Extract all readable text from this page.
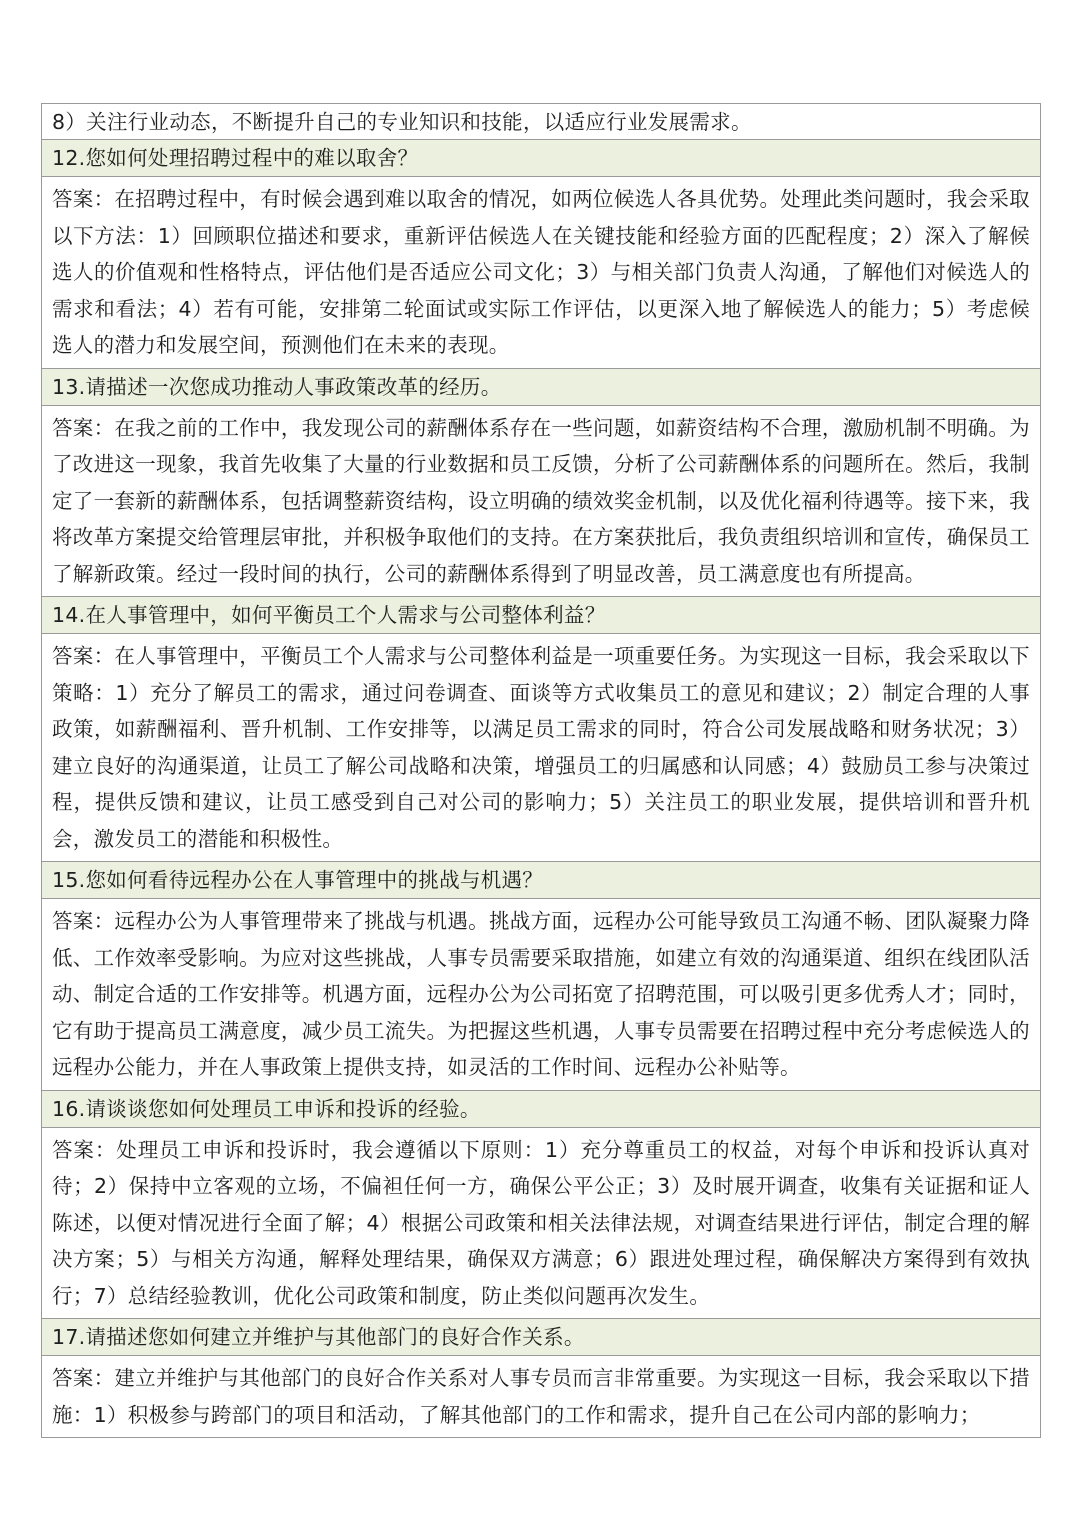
8）关注行业动态，不断提升自己的专业知识和技能，以适应行业发展需求。
12.您如何处理招聘过程中的难以取舍？
答案：在招聘过程中，有时候会遇到难以取舍的情况，如两位候选人各具优势。处理此类问题时，我会采取以下方法：1）回顾职位描述和要求，重新评估候选人在关键技能和经验方面的匹配程度；2）深入了解候选人的价值观和性格特点，评估他们是否适应公司文化；3）与相关部门负责人沟通，了解他们对候选人的需求和看法；4）若有可能，安排第二轮面试或实际工作评估，以更深入地了解候选人的能力；5）考虑候选人的潜力和发展空间，预测他们在未来的表现。
13.请描述一次您成功推动人事政策改革的经历。
答案：在我之前的工作中，我发现公司的薪酬体系存在一些问题，如薪资结构不合理，激励机制不明确。为了改进这一现象，我首先收集了大量的行业数据和员工反馈，分析了公司薪酬体系的问题所在。然后，我制定了一套新的薪酬体系，包括调整薪资结构，设立明确的绩效奖金机制，以及优化福利待遇等。接下来，我将改革方案提交给管理层审批，并积极争取他们的支持。在方案获批后，我负责组织培训和宣传，确保员工了解新政策。经过一段时间的执行，公司的薪酬体系得到了明显改善，员工满意度也有所提高。
14.在人事管理中，如何平衡员工个人需求与公司整体利益？
答案：在人事管理中，平衡员工个人需求与公司整体利益是一项重要任务。为实现这一目标，我会采取以下策略：1）充分了解员工的需求，通过问卷调查、面谈等方式收集员工的意见和建议；2）制定合理的人事政策，如薪酬福利、晋升机制、工作安排等，以满足员工需求的同时，符合公司发展战略和财务状况；3）建立良好的沟通渠道，让员工了解公司战略和决策，增强员工的归属感和认同感；4）鼓励员工参与决策过程，提供反馈和建议，让员工感受到自己对公司的影响力；5）关注员工的职业发展，提供培训和晋升机会，激发员工的潜能和积极性。
15.您如何看待远程办公在人事管理中的挑战与机遇？
答案：远程办公为人事管理带来了挑战与机遇。挑战方面，远程办公可能导致员工沟通不畅、团队凝聚力降低、工作效率受影响。为应对这些挑战，人事专员需要采取措施，如建立有效的沟通渠道、组织在线团队活动、制定合适的工作安排等。机遇方面，远程办公为公司拓宽了招聘范围，可以吸引更多优秀人才；同时，它有助于提高员工满意度，减少员工流失。为把握这些机遇，人事专员需要在招聘过程中充分考虑候选人的远程办公能力，并在人事政策上提供支持，如灵活的工作时间、远程办公补贴等。
16.请谈谈您如何处理员工申诉和投诉的经验。
答案：处理员工申诉和投诉时，我会遵循以下原则：1）充分尊重员工的权益，对每个申诉和投诉认真对待；2）保持中立客观的立场，不偏袒任何一方，确保公平公正；3）及时展开调查，收集有关证据和证人陈述，以便对情况进行全面了解；4）根据公司政策和相关法律法规，对调查结果进行评估，制定合理的解决方案；5）与相关方沟通，解释处理结果，确保双方满意；6）跟进处理过程，确保解决方案得到有效执行；7）总结经验教训，优化公司政策和制度，防止类似问题再次发生。
17.请描述您如何建立并维护与其他部门的良好合作关系。
答案：建立并维护与其他部门的良好合作关系对人事专员而言非常重要。为实现这一目标，我会采取以下措施：1）积极参与跨部门的项目和活动，了解其他部门的工作和需求，提升自己在公司内部的影响力；
